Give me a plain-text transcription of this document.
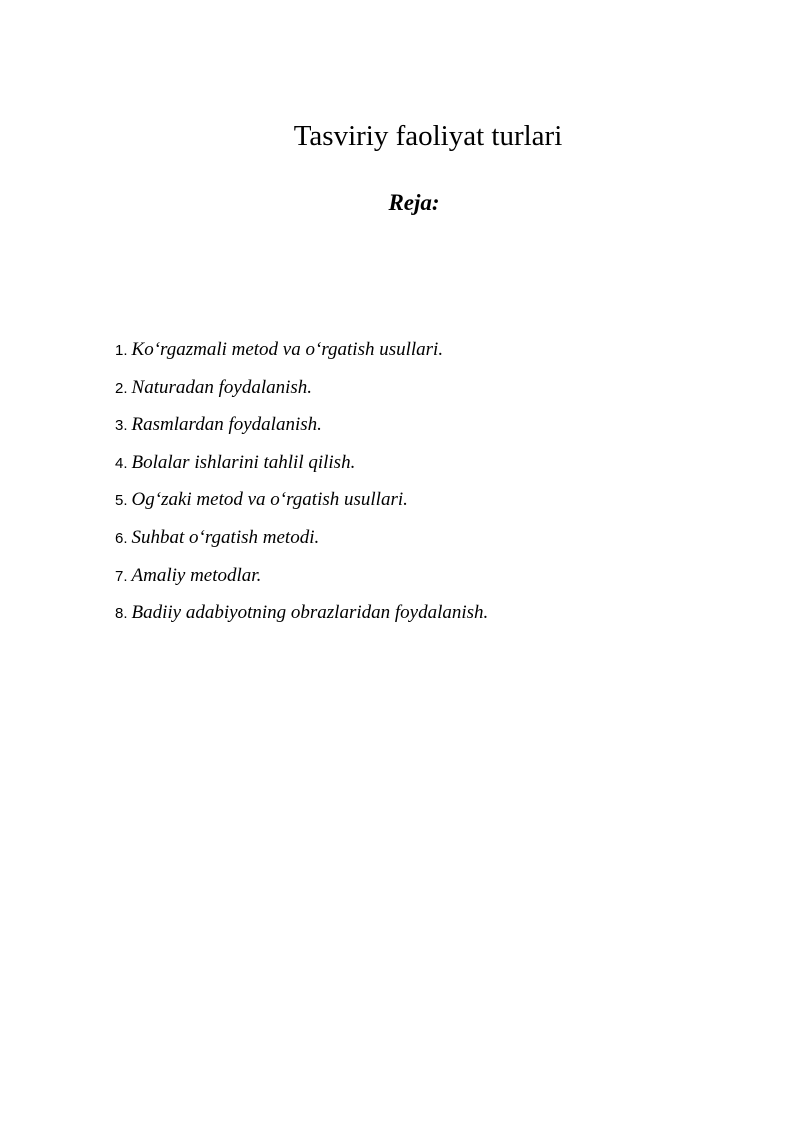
Tasviriy faoliyat turlari
Reja:
1. Ko‘rgazmali metod va o‘rgatish usullari.
2. Naturadan foydalanish.
3. Rasmlardan foydalanish.
4. Bolalar ishlarini tahlil qilish.
5. Og‘zaki metod va o‘rgatish usullari.
6. Suhbat o‘rgatish metodi.
7. Amaliy metodlar.
8. Badiiy adabiyotning obrazlaridan foydalanish.
